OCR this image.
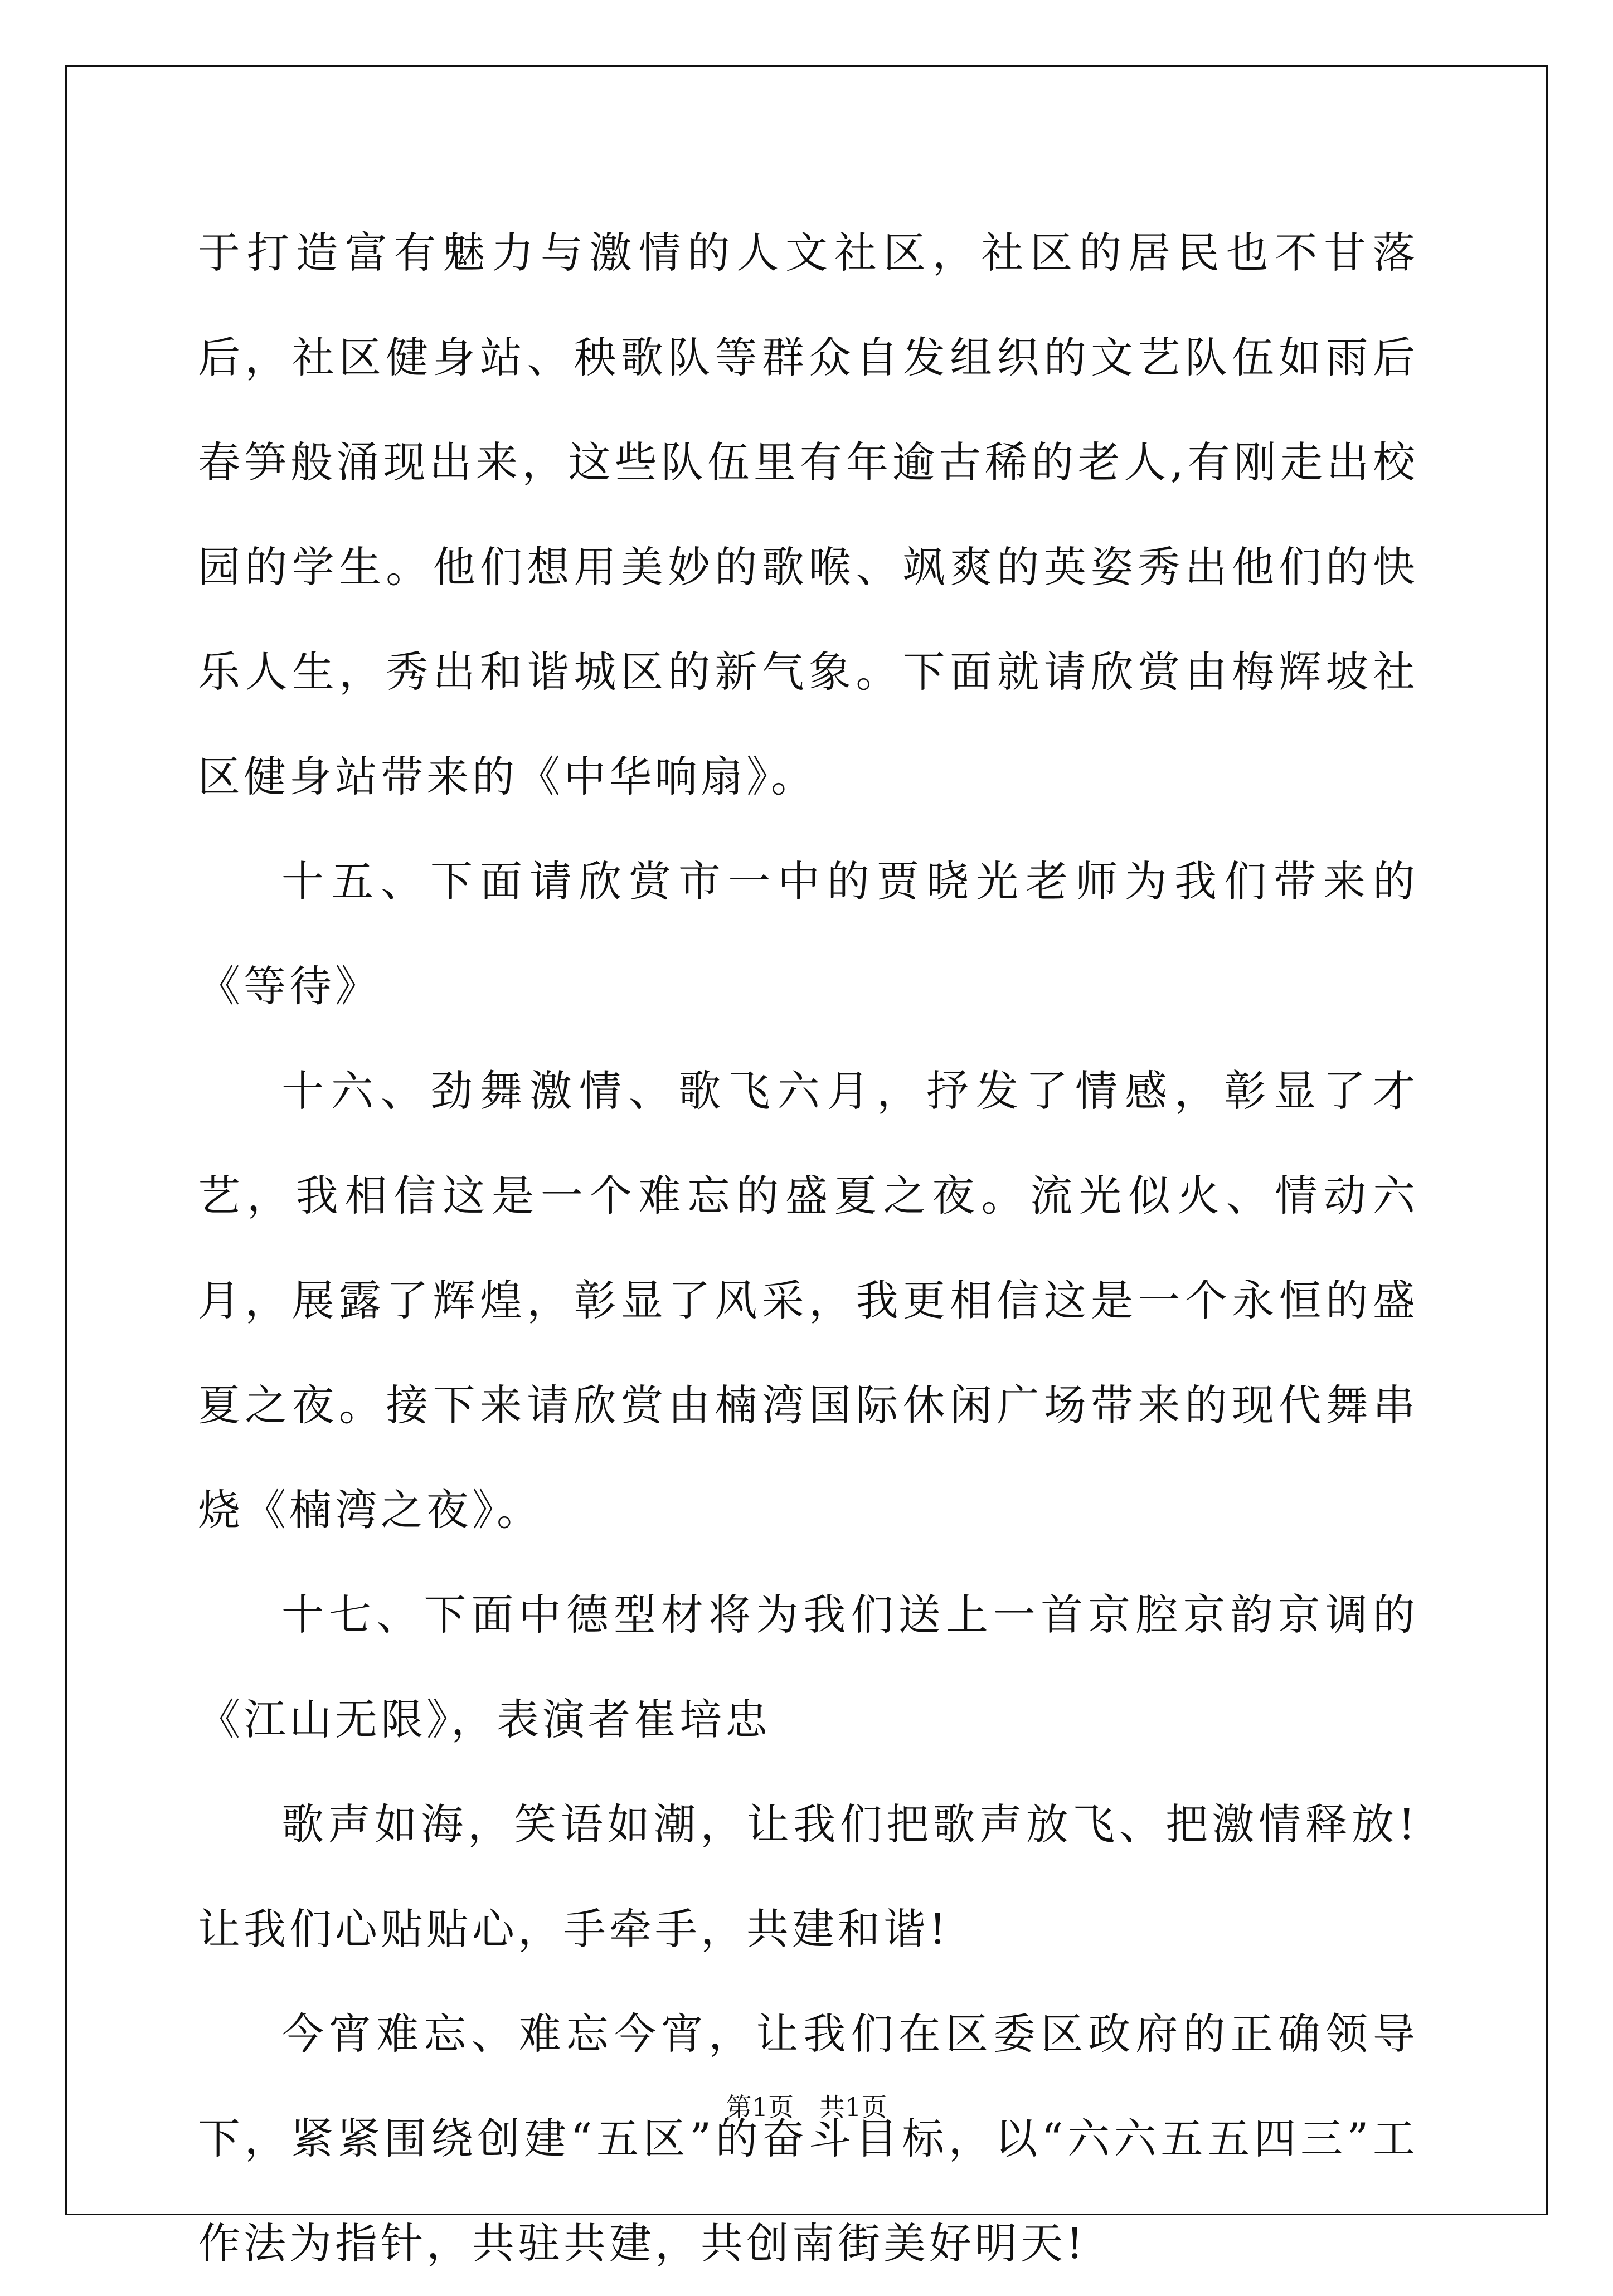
于打造富有魅力与激情的人文社区，社区的居民也不甘落后，社区健身站、秧歌队等群众自发组织的文艺队伍如雨后春笋般涌现出来，这些队伍里有年逾古稀的老人,有刚走出校园的学生。他们想用美妙的歌喉、飒爽的英姿秀出他们的快乐人生，秀出和谐城区的新气象。下面就请欣赏由梅辉坡社区健身站带来的《中华响扇》。

十五、下面请欣赏市一中的贾晓光老师为我们带来的《等待》

十六、劲舞激情、歌飞六月，抒发了情感，彰显了才艺，我相信这是一个难忘的盛夏之夜。流光似火、情动六月，展露了辉煌，彰显了风采，我更相信这是一个永恒的盛夏之夜。接下来请欣赏由楠湾国际休闲广场带来的现代舞串烧《楠湾之夜》。

十七、下面中德型材将为我们送上一首京腔京韵京调的《江山无限》，表演者崔培忠

歌声如海，笑语如潮，让我们把歌声放飞、把激情释放!让我们心贴贴心，手牵手，共建和谐!

今宵难忘、难忘今宵，让我们在区委区政府的正确领导下，紧紧围绕创建“五区”的奋斗目标，以“六六五五四三”工作法为指针，共驻共建，共创南街美好明天!

第1页　共1页
